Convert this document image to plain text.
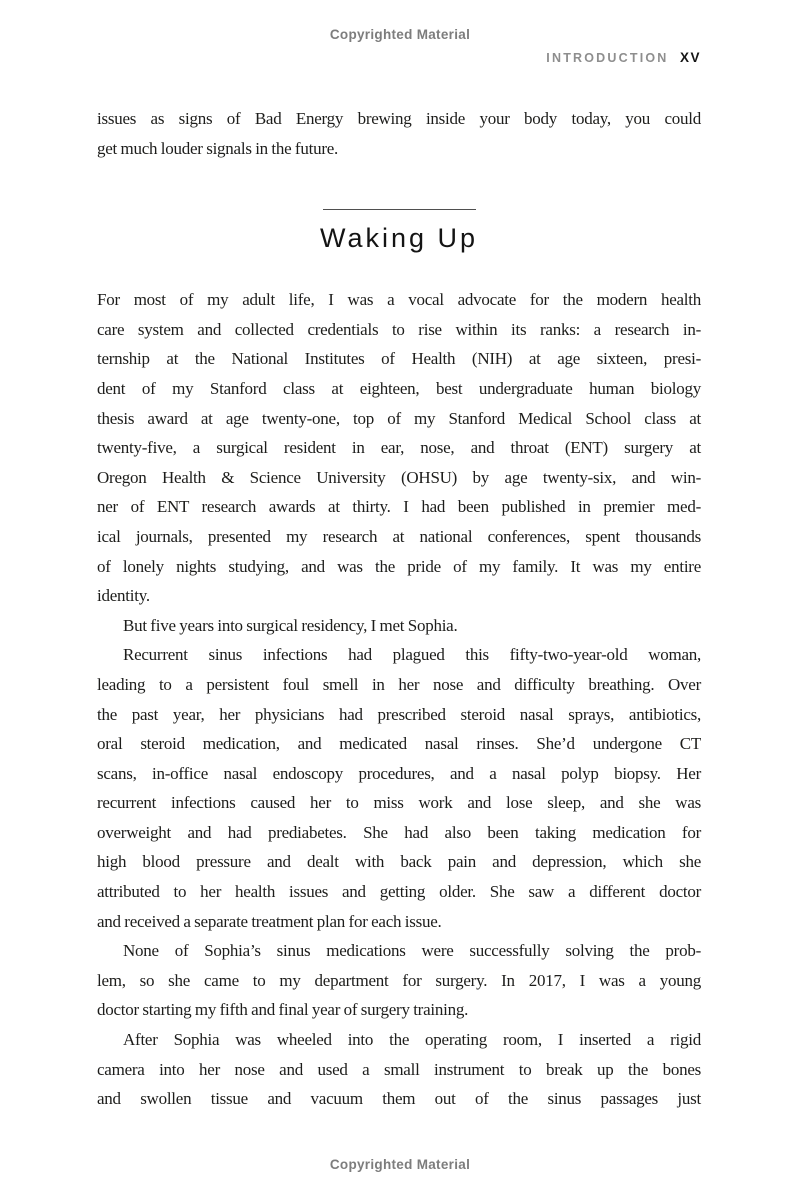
Copyrighted Material
INTRODUCTION XV
issues as signs of Bad Energy brewing inside your body today, you could
get much louder signals in the future.
Waking Up
For most of my adult life, I was a vocal advocate for the modern health
care system and collected credentials to rise within its ranks: a research in-
ternship at the National Institutes of Health (NIH) at age sixteen, presi-
dent of my Stanford class at eighteen, best undergraduate human biology
thesis award at age twenty-one, top of my Stanford Medical School class at
twenty-five, a surgical resident in ear, nose, and throat (ENT) surgery at
Oregon Health & Science University (OHSU) by age twenty-six, and win-
ner of ENT research awards at thirty. I had been published in premier med-
ical journals, presented my research at national conferences, spent thousands
of lonely nights studying, and was the pride of my family. It was my entire
identity.
But five years into surgical residency, I met Sophia.
Recurrent sinus infections had plagued this fifty-two-year-old woman,
leading to a persistent foul smell in her nose and difficulty breathing. Over
the past year, her physicians had prescribed steroid nasal sprays, antibiotics,
oral steroid medication, and medicated nasal rinses. She’d undergone CT
scans, in-office nasal endoscopy procedures, and a nasal polyp biopsy. Her
recurrent infections caused her to miss work and lose sleep, and she was
overweight and had prediabetes. She had also been taking medication for
high blood pressure and dealt with back pain and depression, which she
attributed to her health issues and getting older. She saw a different doctor
and received a separate treatment plan for each issue.
None of Sophia’s sinus medications were successfully solving the prob-
lem, so she came to my department for surgery. In 2017, I was a young
doctor starting my fifth and final year of surgery training.
After Sophia was wheeled into the operating room, I inserted a rigid
camera into her nose and used a small instrument to break up the bones
and swollen tissue and vacuum them out of the sinus passages just
Copyrighted Material
